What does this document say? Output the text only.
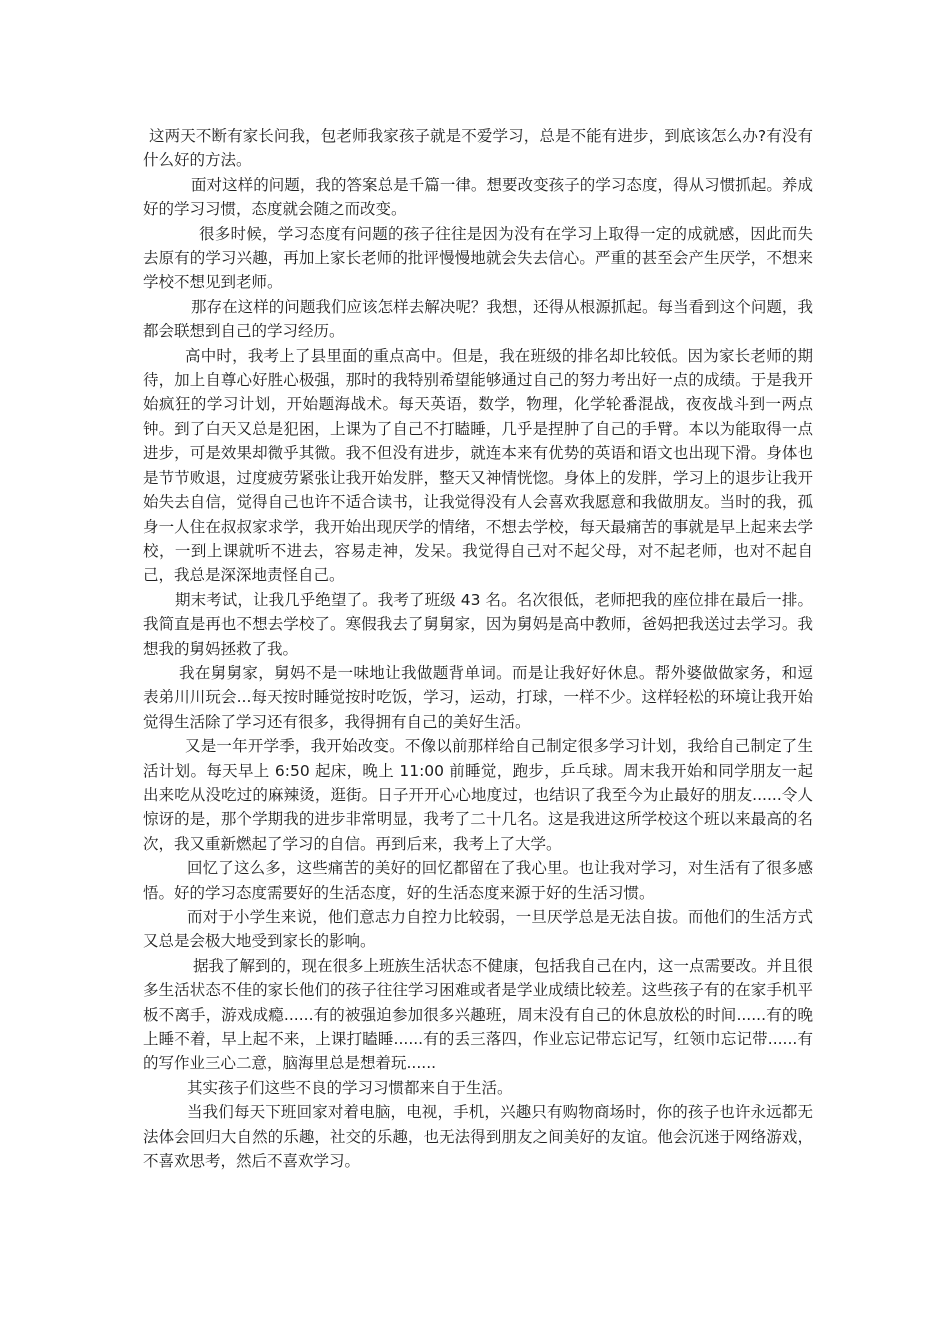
这两天不断有家长问我，包老师我家孩子就是不爱学习，总是不能有进步，到底该怎么办?有没有什么好的方法。

面对这样的问题，我的答案总是千篇一律。想要改变孩子的学习态度，得从习惯抓起。养成好的学习习惯，态度就会随之而改变。

很多时候，学习态度有问题的孩子往往是因为没有在学习上取得一定的成就感，因此而失去原有的学习兴趣，再加上家长老师的批评慢慢地就会失去信心。严重的甚至会产生厌学，不想来学校不想见到老师。

那存在这样的问题我们应该怎样去解决呢？我想，还得从根源抓起。每当看到这个问题，我都会联想到自己的学习经历。

高中时，我考上了县里面的重点高中。但是，我在班级的排名却比较低。因为家长老师的期待，加上自尊心好胜心极强，那时的我特别希望能够通过自己的努力考出好一点的成绩。于是我开始疯狂的学习计划，开始题海战术。每天英语，数学，物理，化学轮番混战，夜夜战斗到一两点钟。到了白天又总是犯困，上课为了自己不打瞌睡，几乎是捏肿了自己的手臂。本以为能取得一点进步，可是效果却微乎其微。我不但没有进步，就连本来有优势的英语和语文也出现下滑。身体也是节节败退，过度疲劳紧张让我开始发胖，整天又神情恍惚。身体上的发胖，学习上的退步让我开始失去自信，觉得自己也许不适合读书，让我觉得没有人会喜欢我愿意和我做朋友。当时的我，孤身一人住在叔叔家求学，我开始出现厌学的情绪，不想去学校，每天最痛苦的事就是早上起来去学校，一到上课就听不进去，容易走神，发呆。我觉得自己对不起父母，对不起老师，也对不起自己，我总是深深地责怪自己。

期末考试，让我几乎绝望了。我考了班级 43 名。名次很低，老师把我的座位排在最后一排。我简直是再也不想去学校了。寒假我去了舅舅家，因为舅妈是高中教师，爸妈把我送过去学习。我想我的舅妈拯救了我。

我在舅舅家，舅妈不是一味地让我做题背单词。而是让我好好休息。帮外婆做做家务，和逗表弟川川玩会...每天按时睡觉按时吃饭，学习，运动，打球，一样不少。这样轻松的环境让我开始觉得生活除了学习还有很多，我得拥有自己的美好生活。

又是一年开学季，我开始改变。不像以前那样给自己制定很多学习计划，我给自己制定了生活计划。每天早上 6:50 起床，晚上 11:00 前睡觉，跑步，乒乓球。周末我开始和同学朋友一起出来吃从没吃过的麻辣烫，逛街。日子开开心心地度过，也结识了我至今为止最好的朋友......令人惊讶的是，那个学期我的进步非常明显，我考了二十几名。这是我进这所学校这个班以来最高的名次，我又重新燃起了学习的自信。再到后来，我考上了大学。

回忆了这么多，这些痛苦的美好的回忆都留在了我心里。也让我对学习，对生活有了很多感悟。好的学习态度需要好的生活态度，好的生活态度来源于好的生活习惯。

而对于小学生来说，他们意志力自控力比较弱，一旦厌学总是无法自拔。而他们的生活方式又总是会极大地受到家长的影响。

据我了解到的，现在很多上班族生活状态不健康，包括我自己在内，这一点需要改。并且很多生活状态不佳的家长他们的孩子往往学习困难或者是学业成绩比较差。这些孩子有的在家手机平板不离手，游戏成瘾......有的被强迫参加很多兴趣班，周末没有自己的休息放松的时间......有的晚上睡不着，早上起不来，上课打瞌睡......有的丢三落四，作业忘记带忘记写，红领巾忘记带......有的写作业三心二意，脑海里总是想着玩......

其实孩子们这些不良的学习习惯都来自于生活。

当我们每天下班回家对着电脑，电视，手机，兴趣只有购物商场时，你的孩子也许永远都无法体会回归大自然的乐趣，社交的乐趣，也无法得到朋友之间美好的友谊。他会沉迷于网络游戏，不喜欢思考，然后不喜欢学习。
